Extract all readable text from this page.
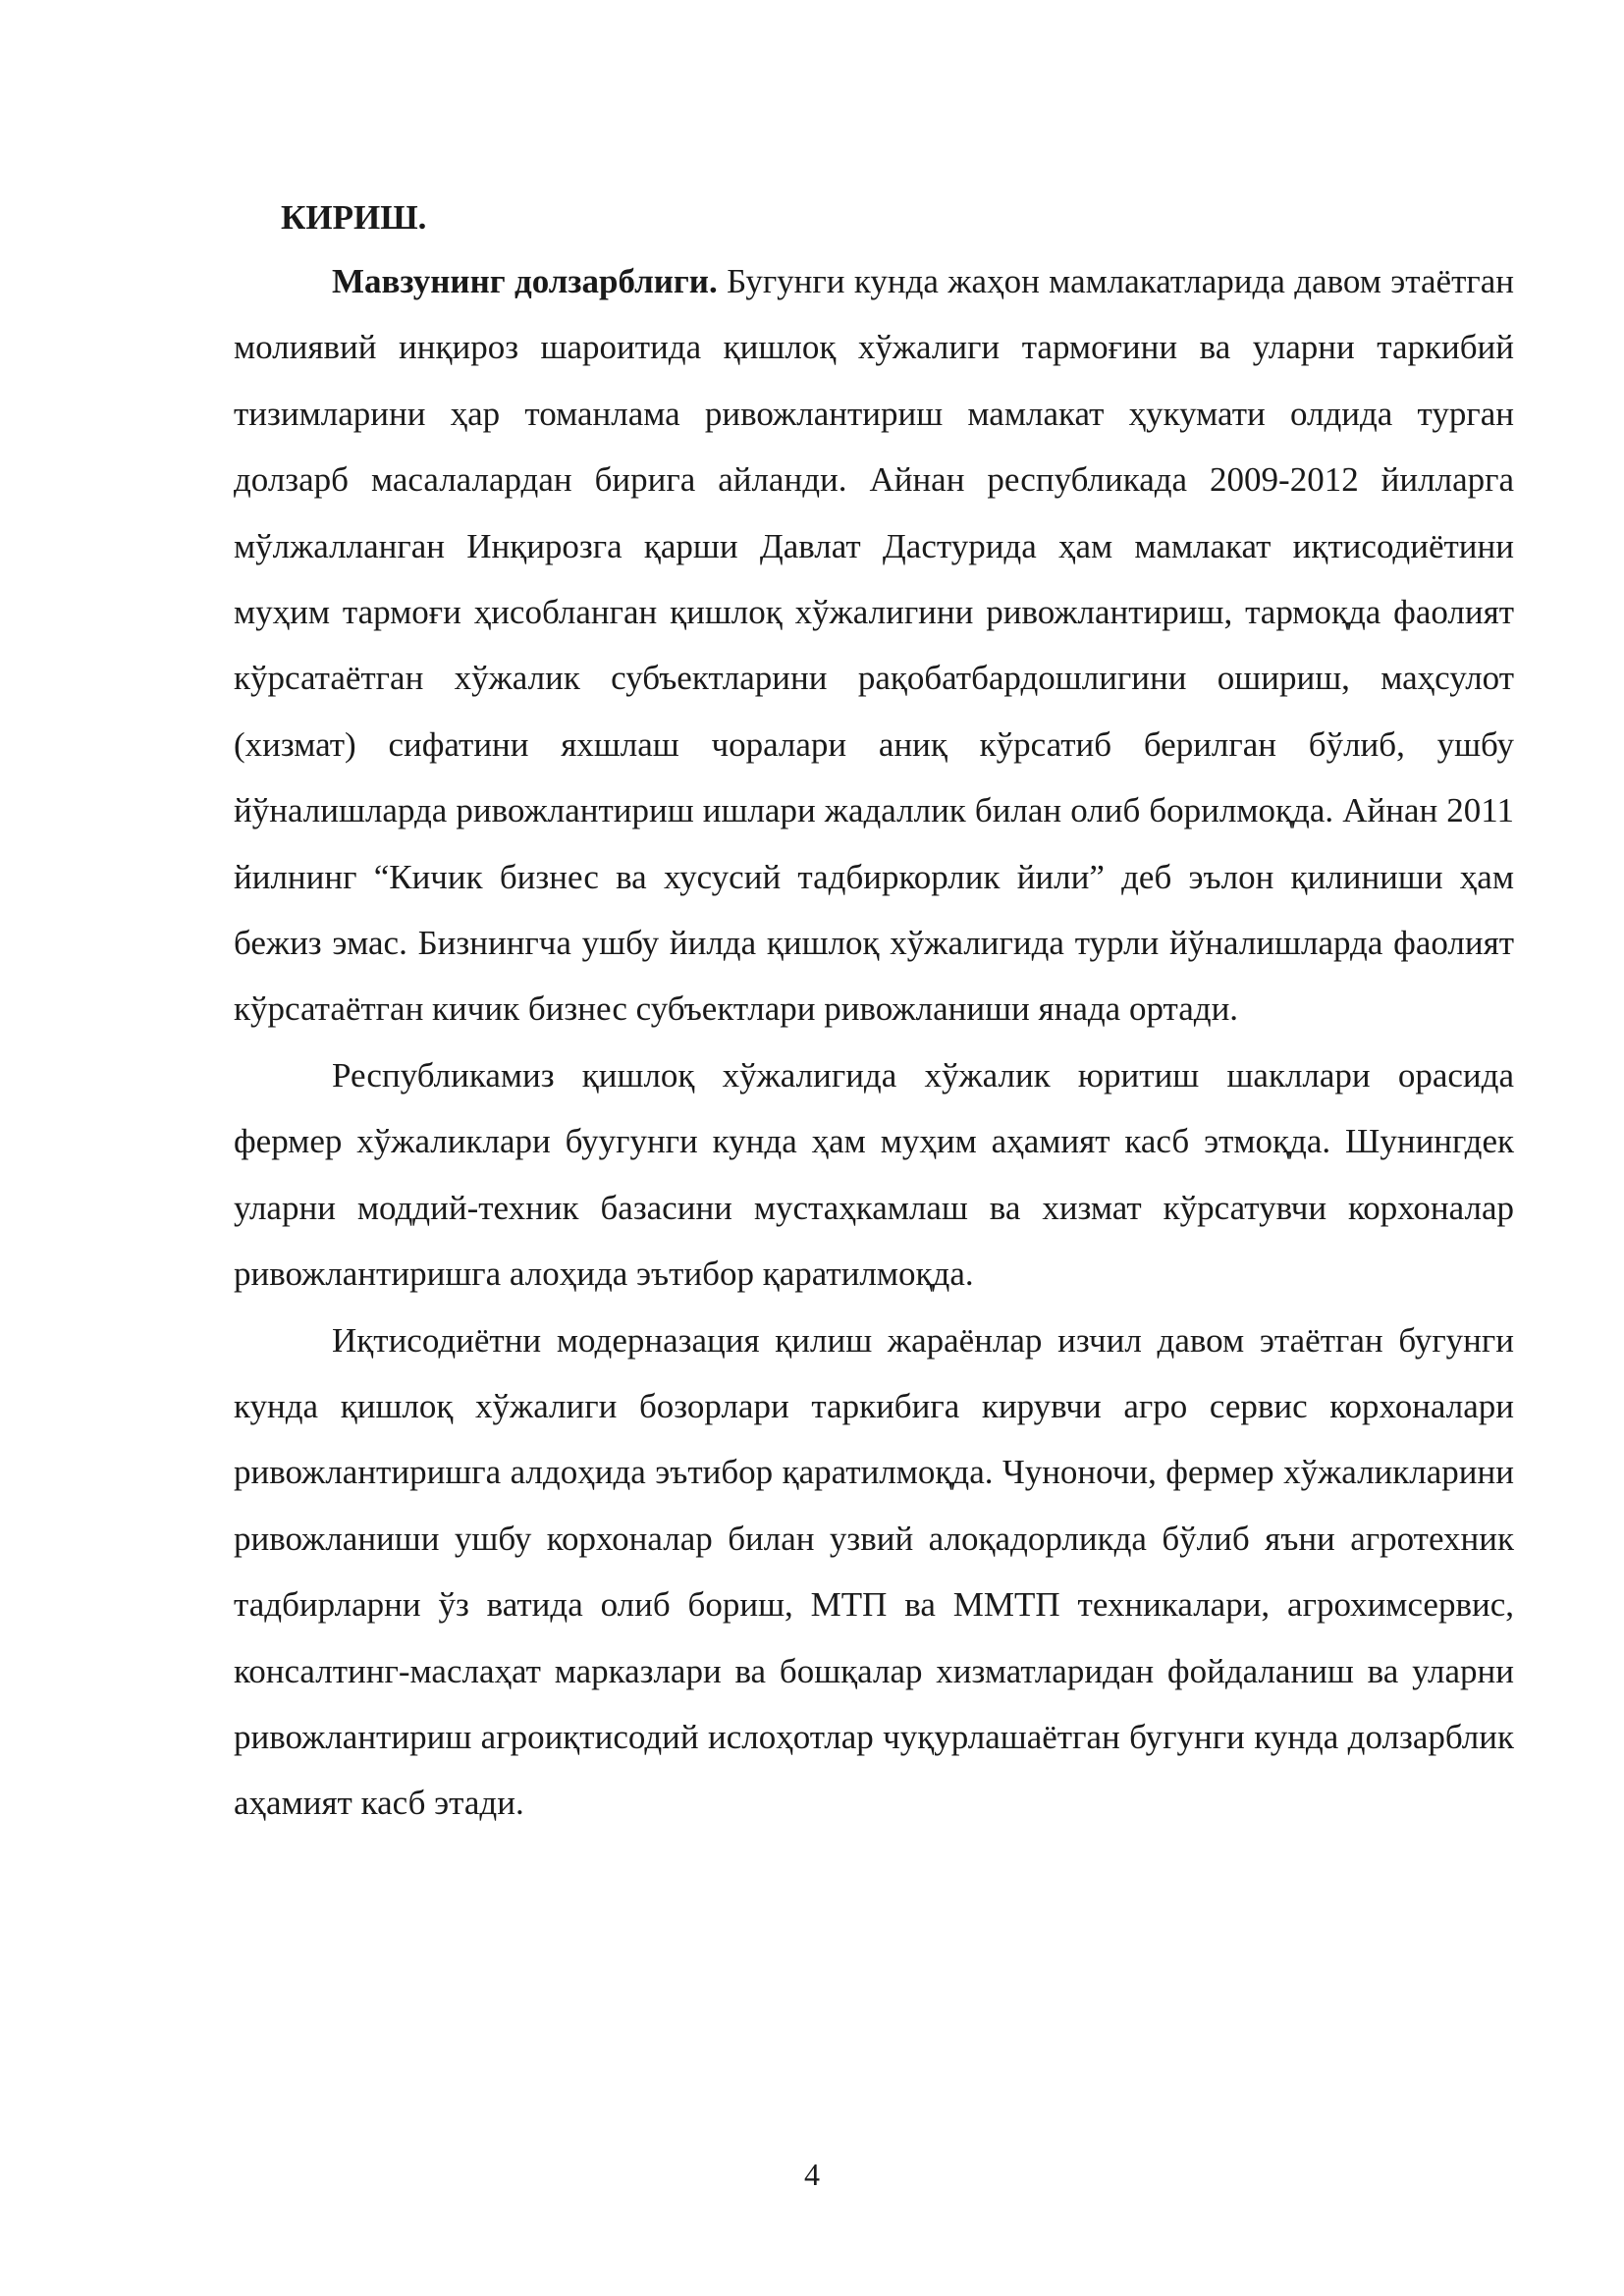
КИРИШ.

Мавзунинг долзарблиги. Бугунги кунда жаҳон мамлакатларида давом этаётган молиявий инқироз шароитида қишлоқ хўжалиги тармоғини ва уларни таркибий тизимларини ҳар томанлама ривожлантириш мамлакат ҳукумати олдида турган долзарб масалалардан бирига айланди. Айнан республикада 2009-2012 йилларга мўлжалланган Инқирозга қарши Давлат Дастурида ҳам мамлакат иқтисодиётини муҳим тармоғи ҳисобланган қишлоқ хўжалигини ривожлантириш, тармоқда фаолият кўрсатаётган хўжалик субъектларини рақобатбардошлигини ошириш, маҳсулот (хизмат) сифатини яхшлаш чоралари аниқ кўрсатиб берилган бўлиб, ушбу йўналишларда ривожлантириш ишлари жадаллик билан олиб борилмоқда. Айнан 2011 йилнинг “Кичик бизнес ва хусусий тадбиркорлик йили” деб эълон қилиниши ҳам бежиз эмас. Бизнингча ушбу йилда қишлоқ хўжалигида турли йўналишларда фаолият кўрсатаётган кичик бизнес субъектлари ривожланиши янада ортади.

Республикамиз қишлоқ хўжалигида хўжалик юритиш шакллари орасида фермер хўжаликлари буугунги кунда ҳам муҳим аҳамият касб этмоқда. Шунингдек уларни моддий-техник базасини мустаҳкамлаш ва хизмат кўрсатувчи корхоналар ривожлантиришга алоҳида эътибор қаратилмоқда.

Иқтисодиётни модерназация қилиш жараёнлар изчил давом этаётган бугунги кунда қишлоқ хўжалиги бозорлари таркибига кирувчи агро сервис корхоналари ривожлантиришга алдоҳида эътибор қаратилмоқда. Чуноночи, фермер хўжаликларини ривожланиши ушбу корхоналар билан узвий алоқадорликда бўлиб яъни агротехник тадбирларни ўз ватида олиб бориш, МТП ва ММТП техникалари, агрохимсервис, консалтинг-маслаҳат марказлари ва бошқалар хизматларидан фойдаланиш ва уларни ривожлантириш агроиқтисодий ислоҳотлар чуқурлашаётган бугунги кунда долзарблик аҳамият касб этади.

4
